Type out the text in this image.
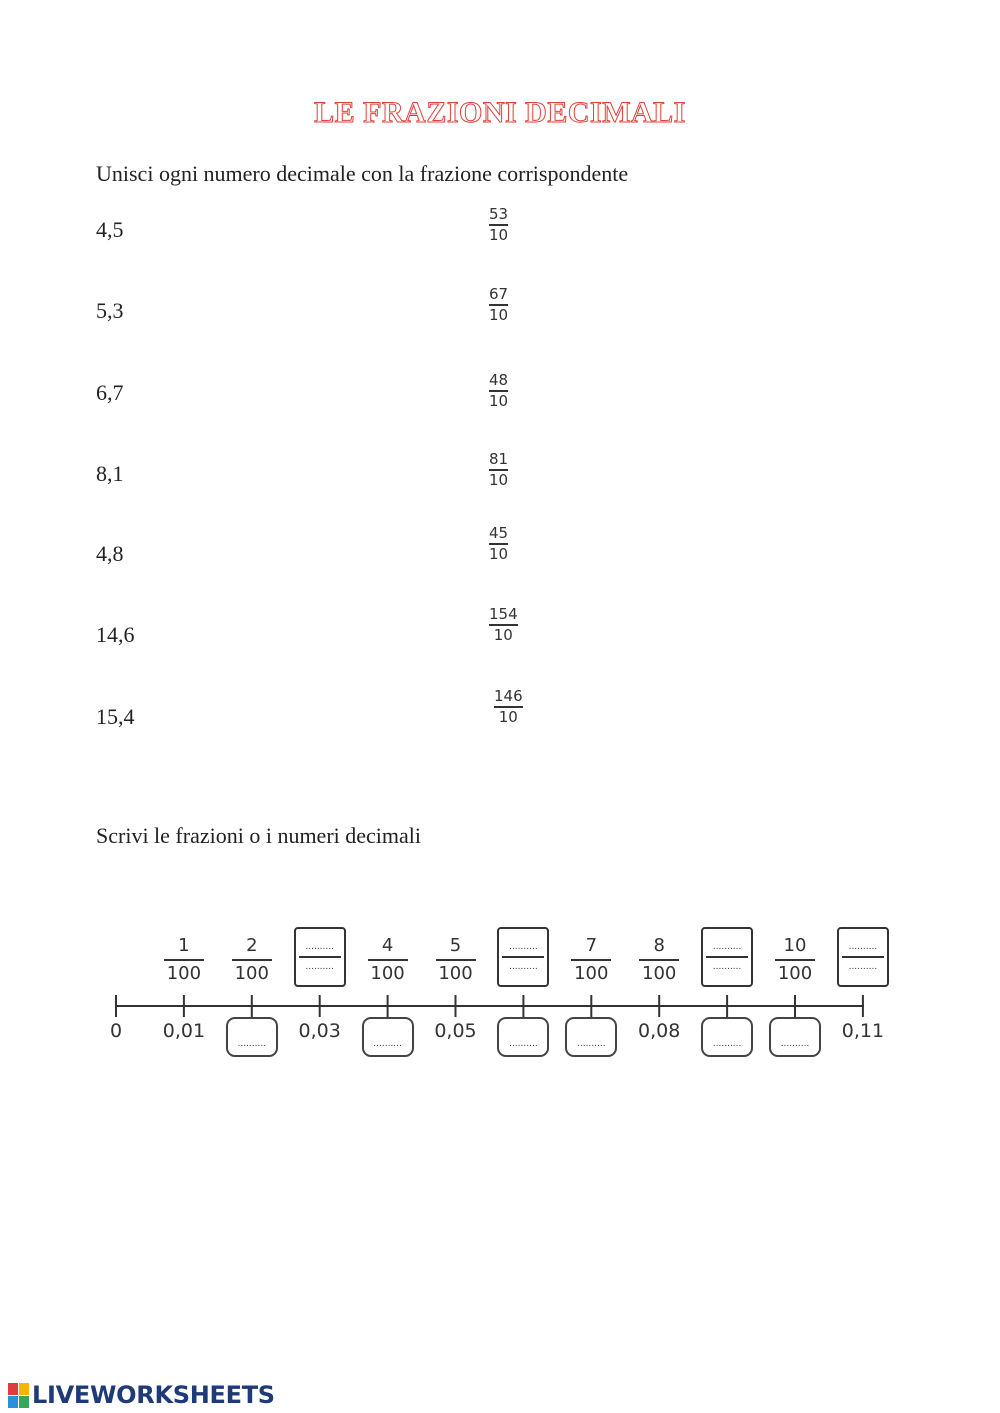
LE FRAZIONI DECIMALI
Unisci ogni numero decimale con la frazione corrispondente
4,5
5,3
6,7
8,1
4,8
14,6
15,4
53
10
67
10
48
10
81
10
45
10
154
10
146
10
Scrivi le frazioni o i numeri decimali
0
1
100
0,01
2
100
..........
..........
..........
0,03
4
100
..........
5
100
0,05
..........
..........
..........
7
100
..........
8
100
0,08
..........
..........
..........
10
100
..........
..........
..........
0,11
LIVEWORKSHEETS
